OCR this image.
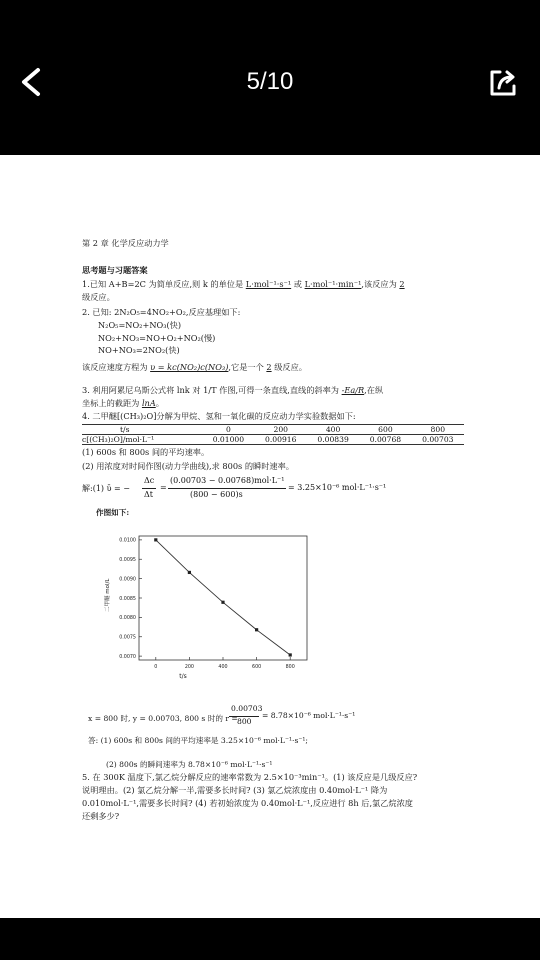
5/10
第 2 章 化学反应动力学
思考题与习题答案
1.已知 A+B=2C 为简单反应,则 k 的单位是 L·mol⁻¹·s⁻¹ 或 L·mol⁻¹·min⁻¹,该反应为 2
级反应。
2. 已知: 2N₂O₅=4NO₂+O₂,反应基理如下:
N₂O₅=NO₂+NO₃(快)
NO₂+NO₃=NO+O₂+NO₂(慢)
NO+NO₃=2NO₂(快)
该反应速度方程为 υ = kc(NO₂)c(NO₃),它是一个 2 级反应。
3. 利用阿累尼乌斯公式将 lnk 对 1/T 作图,可得一条直线,直线的斜率为 -Ea/R,在纵
坐标上的截距为 lnA。
4. 二甲醚[(CH₃)₂O]分解为甲烷、氢和一氧化碳的反应动力学实验数据如下:
t/s	0	200	400	600	800
c[(CH₃)₂O]/mol·L⁻¹	0.01000	0.00916	0.00839	0.00768	0.00703
(1) 600s 和 800s 间的平均速率。
(2) 用浓度对时间作图(动力学曲线),求 800s 的瞬时速率。
解:(1) ῡ = −
Δc
Δt
=
(0.00703 − 0.00768)mol·L⁻¹
(800 − 600)s
= 3.25×10⁻⁶ mol·L⁻¹·s⁻¹
作图如下:
二甲醚 mol/L
t/s
0.0070
0.0075
0.0080
0.0085
0.0090
0.0095
0.0100
0	200	400	600	800
x = 800 时, y = 0.00703, 800 s 时的 r =
0.00703
800
= 8.78×10⁻⁶ mol·L⁻¹·s⁻¹
答: (1) 600s 和 800s 间的平均速率是 3.25×10⁻⁶ mol·L⁻¹·s⁻¹;
(2) 800s 的瞬间速率为 8.78×10⁻⁶ mol·L⁻¹·s⁻¹
5. 在 300K 温度下,氯乙烷分解反应的速率常数为 2.5×10⁻³min⁻¹。(1) 该反应是几级反应?
说明理由。(2) 氯乙烷分解一半,需要多长时间? (3) 氯乙烷浓度由 0.40mol·L⁻¹ 降为
0.010mol·L⁻¹,需要多长时间? (4) 若初始浓度为 0.40mol·L⁻¹,反应进行 8h 后,氯乙烷浓度
还剩多少?
